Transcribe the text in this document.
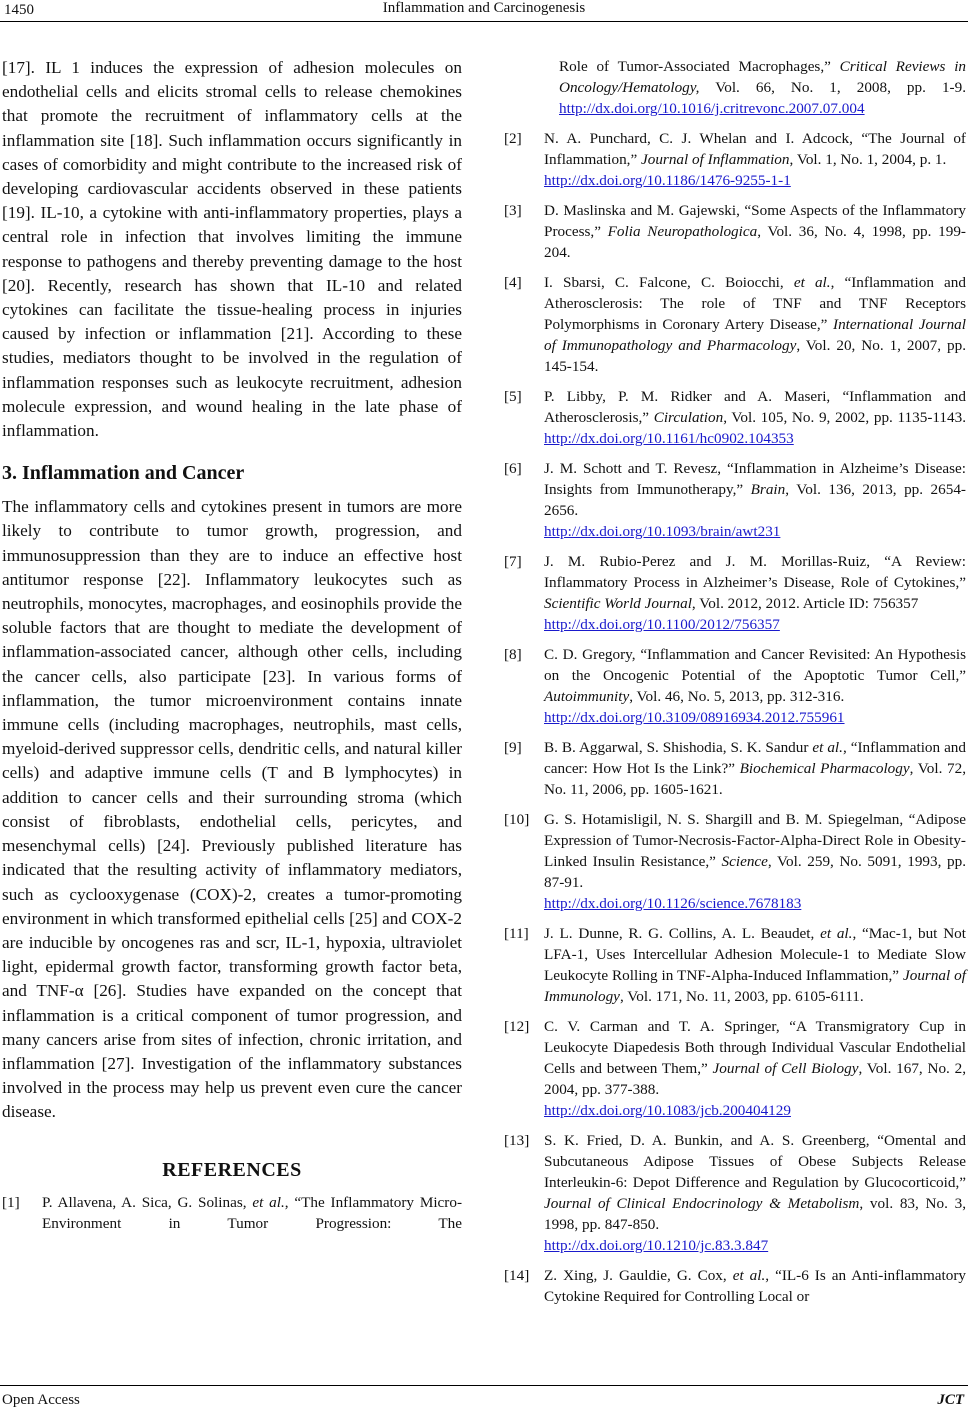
1450	Inflammation and Carcinogenesis

[17]. IL 1 induces the expression of adhesion molecules on endothelial cells and elicits stromal cells to release chemokines that promote the recruitment of inflammatory cells at the inflammation site [18]. Such inflammation occurs significantly in cases of comorbidity and might contribute to the increased risk of developing cardiovascular accidents observed in these patients [19]. IL-10, a cytokine with anti-inflammatory properties, plays a central role in infection that involves limiting the immune response to pathogens and thereby preventing damage to the host [20]. Recently, research has shown that IL-10 and related cytokines can facilitate the tissue-healing process in injuries caused by infection or inflammation [21]. According to these studies, mediators thought to be involved in the regulation of inflammation responses such as leukocyte recruitment, adhesion molecule expression, and wound healing in the late phase of inflammation.

3. Inflammation and Cancer

The inflammatory cells and cytokines present in tumors are more likely to contribute to tumor growth, progression, and immunosuppression than they are to induce an effective host antitumor response [22]. Inflammatory leukocytes such as neutrophils, monocytes, macrophages, and eosinophils provide the soluble factors that are thought to mediate the development of inflammation-associated cancer, although other cells, including the cancer cells, also participate [23]. In various forms of inflammation, the tumor microenvironment contains innate immune cells (including macrophages, neutrophils, mast cells, myeloid-derived suppressor cells, dendritic cells, and natural killer cells) and adaptive immune cells (T and B lymphocytes) in addition to cancer cells and their surrounding stroma (which consist of fibroblasts, endothelial cells, pericytes, and mesenchymal cells) [24]. Previously published literature has indicated that the resulting activity of inflammatory mediators, such as cyclooxygenase (COX)-2, creates a tumor-promoting environment in which transformed epithelial cells [25] and COX-2 are inducible by oncogenes ras and scr, IL-1, hypoxia, ultraviolet light, epidermal growth factor, transforming growth factor beta, and TNF-α [26]. Studies have expanded on the concept that inflammation is a critical component of tumor progression, and many cancers arise from sites of infection, chronic irritation, and inflammation [27]. Investigation of the inflammatory substances involved in the process may help us prevent even cure the cancer disease.

REFERENCES
[1]	P. Allavena, A. Sica, G. Solinas, et al., “The Inflammatory Micro-Environment in Tumor Progression: The
Role of Tumor-Associated Macrophages,” Critical Reviews in Oncology/Hematology, Vol. 66, No. 1, 2008, pp. 1-9. http://dx.doi.org/10.1016/j.critrevonc.2007.07.004
[2]	N. A. Punchard, C. J. Whelan and I. Adcock, “The Journal of Inflammation,” Journal of Inflammation, Vol. 1, No. 1, 2004, p. 1.
http://dx.doi.org/10.1186/1476-9255-1-1
[3]	D. Maslinska and M. Gajewski, “Some Aspects of the Inflammatory Process,” Folia Neuropathologica, Vol. 36, No. 4, 1998, pp. 199-204.
[4]	I. Sbarsi, C. Falcone, C. Boiocchi, et al., “Inflammation and Atherosclerosis: The role of TNF and TNF Receptors Polymorphisms in Coronary Artery Disease,” International Journal of Immunopathology and Pharmacology, Vol. 20, No. 1, 2007, pp. 145-154.
[5]	P. Libby, P. M. Ridker and A. Maseri, “Inflammation and Atherosclerosis,” Circulation, Vol. 105, No. 9, 2002, pp. 1135-1143. http://dx.doi.org/10.1161/hc0902.104353
[6]	J. M. Schott and T. Revesz, “Inflammation in Alzheime’s Disease: Insights from Immunotherapy,” Brain, Vol. 136, 2013, pp. 2654-2656.
http://dx.doi.org/10.1093/brain/awt231
[7]	J. M. Rubio-Perez and J. M. Morillas-Ruiz, “A Review: Inflammatory Process in Alzheimer’s Disease, Role of Cytokines,” Scientific World Journal, Vol. 2012, 2012. Article ID: 756357
http://dx.doi.org/10.1100/2012/756357
[8]	C. D. Gregory, “Inflammation and Cancer Revisited: An Hypothesis on the Oncogenic Potential of the Apoptotic Tumor Cell,” Autoimmunity, Vol. 46, No. 5, 2013, pp. 312-316.
http://dx.doi.org/10.3109/08916934.2012.755961
[9]	B. B. Aggarwal, S. Shishodia, S. K. Sandur et al., “Inflammation and cancer: How Hot Is the Link?” Biochemical Pharmacology, Vol. 72, No. 11, 2006, pp. 1605-1621.
[10] G. S. Hotamisligil, N. S. Shargill and B. M. Spiegelman, “Adipose Expression of Tumor-Necrosis-Factor-Alpha-Direct Role in Obesity-Linked Insulin Resistance,” Science, Vol. 259, No. 5091, 1993, pp. 87-91.
http://dx.doi.org/10.1126/science.7678183
[11]	J. L. Dunne, R. G. Collins, A. L. Beaudet, et al., “Mac-1, but Not LFA-1, Uses Intercellular Adhesion Molecule-1 to Mediate Slow Leukocyte Rolling in TNF-Alpha-Induced Inflammation,” Journal of Immunology, Vol. 171, No. 11, 2003, pp. 6105-6111.
[12] C. V. Carman and T. A. Springer, “A Transmigratory Cup in Leukocyte Diapedesis Both through Individual Vascular Endothelial Cells and between Them,” Journal of Cell Biology, Vol. 167, No. 2, 2004, pp. 377-388.
http://dx.doi.org/10.1083/jcb.200404129
[13] S. K. Fried, D. A. Bunkin, and A. S. Greenberg, “Omental and Subcutaneous Adipose Tissues of Obese Subjects Release Interleukin-6: Depot Difference and Regulation by Glucocorticoid,” Journal of Clinical Endocrinology & Metabolism, vol. 83, No. 3, 1998, pp. 847-850.
http://dx.doi.org/10.1210/jc.83.3.847
[14] Z. Xing, J. Gauldie, G. Cox, et al., “IL-6 Is an Anti-inflammatory Cytokine Required for Controlling Local or
Open Access	JCT
